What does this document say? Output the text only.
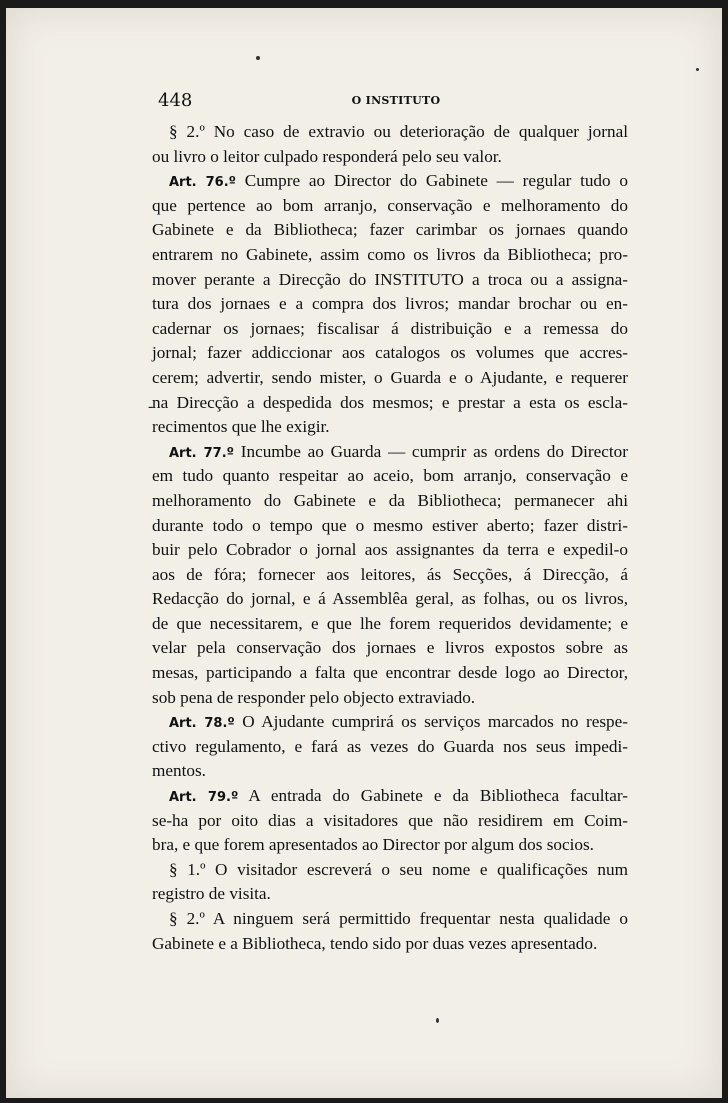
448	O INSTITUTO
-
§ 2.º No caso de extravio ou deterioração de qualquer jornal
ou livro o leitor culpado responderá pelo seu valor.
Art. 76.º Cumpre ao Director do Gabinete — regular tudo o
que pertence ao bom arranjo, conservação e melhoramento do
Gabinete e da Bibliotheca; fazer carimbar os jornaes quando
entrarem no Gabinete, assim como os livros da Bibliotheca; pro-
mover perante a Direcção do INSTITUTO a troca ou a assigna-
tura dos jornaes e a compra dos livros; mandar brochar ou en-
cadernar os jornaes; fiscalisar á distribuição e a remessa do
jornal; fazer addiccionar aos catalogos os volumes que accres-
cerem; advertir, sendo mister, o Guarda e o Ajudante, e requerer
na Direcção a despedida dos mesmos; e prestar a esta os escla-
recimentos que lhe exigir.
Art. 77.º Incumbe ao Guarda — cumprir as ordens do Director
em tudo quanto respeitar ao aceio, bom arranjo, conservação e
melhoramento do Gabinete e da Bibliotheca; permanecer ahi
durante todo o tempo que o mesmo estiver aberto; fazer distri-
buir pelo Cobrador o jornal aos assignantes da terra e expedil-o
aos de fóra; fornecer aos leitores, ás Secções, á Direcção, á
Redacção do jornal, e á Assemblêa geral, as folhas, ou os livros,
de que necessitarem, e que lhe forem requeridos devidamente; e
velar pela conservação dos jornaes e livros expostos sobre as
mesas, participando a falta que encontrar desde logo ao Director,
sob pena de responder pelo objecto extraviado.
Art. 78.º O Ajudante cumprirá os serviços marcados no respe-
ctivo regulamento, e fará as vezes do Guarda nos seus impedi-
mentos.
Art. 79.º A entrada do Gabinete e da Bibliotheca facultar-
se-ha por oito dias a visitadores que não residirem em Coim-
bra, e que forem apresentados ao Director por algum dos socios.
§ 1.º O visitador escreverá o seu nome e qualificações num
registro de visita.
§ 2.º A ninguem será permittido frequentar nesta qualidade o
Gabinete e a Bibliotheca, tendo sido por duas vezes apresentado.
